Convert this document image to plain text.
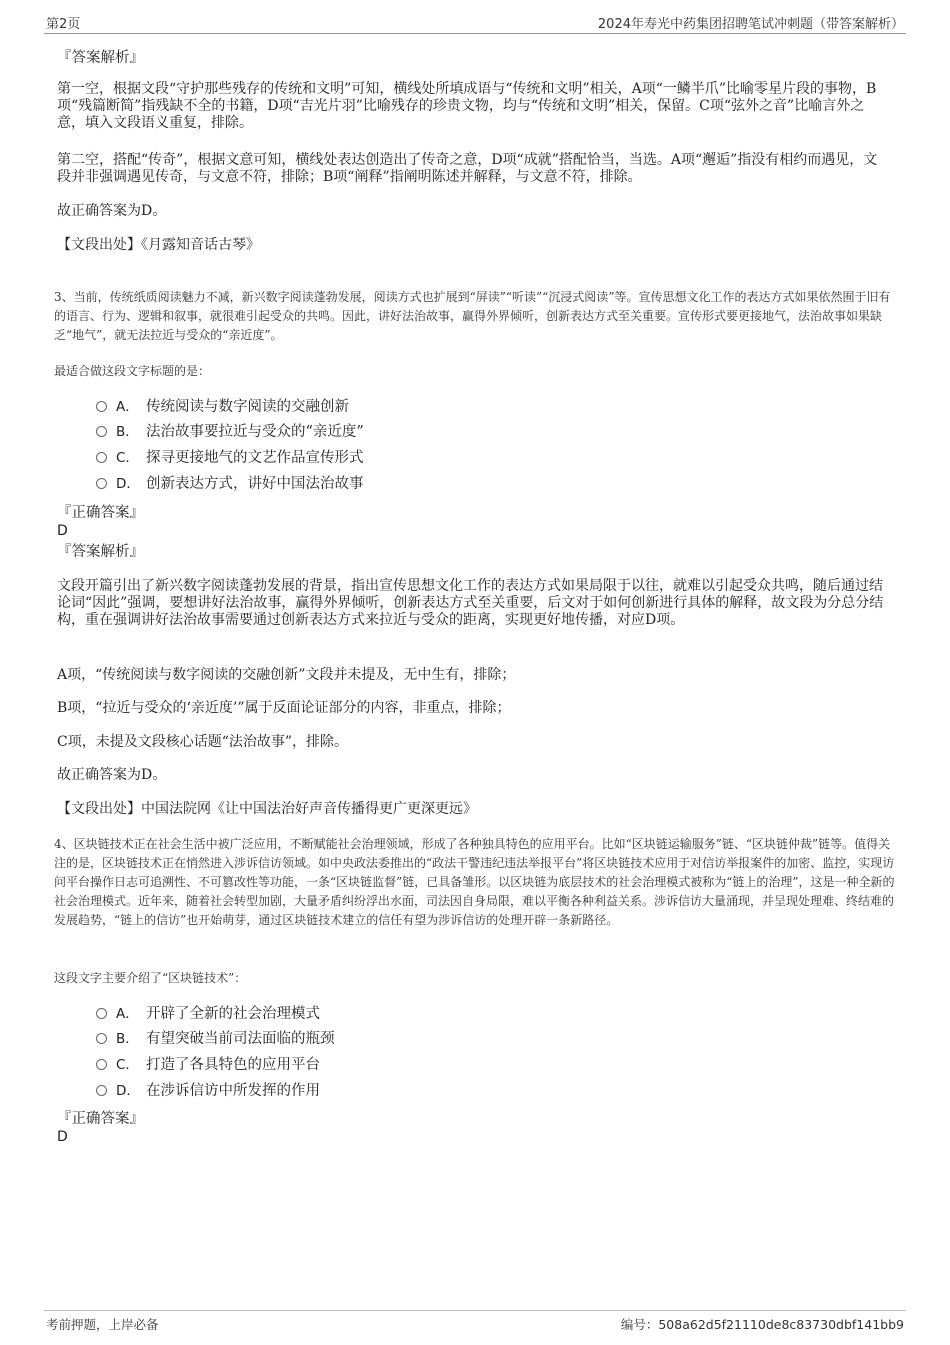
第2页	2024年寿光中药集团招聘笔试冲刺题（带答案解析）
『答案解析』

第一空，根据文段“守护那些残存的传统和文明”可知，横线处所填成语与“传统和文明”相关，A项“一鳞半爪”比喻零星片段的事物，B项“残篇断简”指残缺不全的书籍，D项“吉光片羽”比喻残存的珍贵文物，均与“传统和文明”相关，保留。C项“弦外之音”比喻言外之意，填入文段语义重复，排除。

第二空，搭配“传奇”，根据文意可知，横线处表达创造出了传奇之意，D项“成就”搭配恰当，当选。A项“邂逅”指没有相约而遇见，文段并非强调遇见传奇，与文意不符，排除；B项“阐释”指阐明陈述并解释，与文意不符，排除。

故正确答案为D。

【文段出处】《月露知音话古琴》

3、当前，传统纸质阅读魅力不减，新兴数字阅读蓬勃发展，阅读方式也扩展到“屏读”“听读”“沉浸式阅读”等。宣传思想文化工作的表达方式如果依然囿于旧有的语言、行为、逻辑和叙事，就很难引起受众的共鸣。因此，讲好法治故事，赢得外界倾听，创新表达方式至关重要。宣传形式要更接地气，法治故事如果缺乏“地气”，就无法拉近与受众的“亲近度”。

最适合做这段文字标题的是：

A． 传统阅读与数字阅读的交融创新
B． 法治故事要拉近与受众的“亲近度”
C． 探寻更接地气的文艺作品宣传形式
D． 创新表达方式，讲好中国法治故事
『正确答案』
D
『答案解析』

文段开篇引出了新兴数字阅读蓬勃发展的背景，指出宣传思想文化工作的表达方式如果局限于以往，就难以引起受众共鸣，随后通过结论词“因此”强调，要想讲好法治故事，赢得外界倾听，创新表达方式至关重要，后文对于如何创新进行具体的解释，故文段为分总分结构，重在强调讲好法治故事需要通过创新表达方式来拉近与受众的距离，实现更好地传播，对应D项。

A项，“传统阅读与数字阅读的交融创新”文段并未提及，无中生有，排除；

B项，“拉近与受众的‘亲近度’”属于反面论证部分的内容，非重点，排除；

C项，未提及文段核心话题“法治故事”，排除。

故正确答案为D。

【文段出处】中国法院网《让中国法治好声音传播得更广更深更远》

4、区块链技术正在社会生活中被广泛应用，不断赋能社会治理领域，形成了各种独具特色的应用平台。比如“区块链运输服务”链、“区块链仲裁”链等。值得关注的是，区块链技术正在悄然进入涉诉信访领域。如中央政法委推出的“政法干警违纪违法举报平台”将区块链技术应用于对信访举报案件的加密、监控，实现访问平台操作日志可追溯性、不可篡改性等功能，一条“区块链监督”链，已具备雏形。以区块链为底层技术的社会治理模式被称为“链上的治理”，这是一种全新的社会治理模式。近年来，随着社会转型加剧，大量矛盾纠纷浮出水面，司法因自身局限，难以平衡各种利益关系。涉诉信访大量涌现，并呈现处理难、终结难的发展趋势，“链上的信访”也开始萌芽，通过区块链技术建立的信任有望为涉诉信访的处理开辟一条新路径。

这段文字主要介绍了“区块链技术”：

A． 开辟了全新的社会治理模式
B． 有望突破当前司法面临的瓶颈
C． 打造了各具特色的应用平台
D． 在涉诉信访中所发挥的作用
『正确答案』
D
考前押题，上岸必备	编号：508a62d5f21110de8c83730dbf141bb9
